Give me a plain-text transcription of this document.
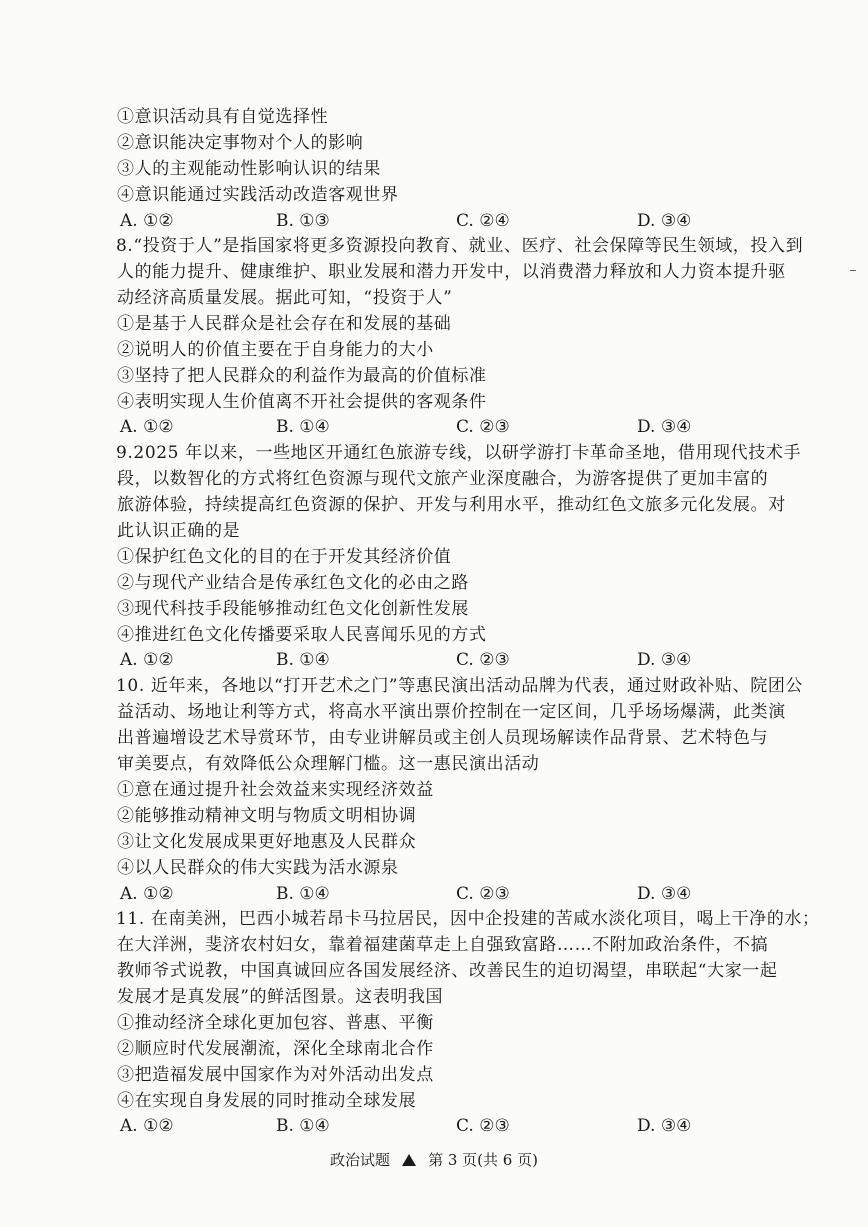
①意识活动具有自觉选择性
②意识能决定事物对个人的影响
③人的主观能动性影响认识的结果
④意识能通过实践活动改造客观世界
A. ①②	B. ①③	C. ②④	D. ③④
8.“投资于人”是指国家将更多资源投向教育、就业、医疗、社会保障等民生领域，投入到
人的能力提升、健康维护、职业发展和潜力开发中，以消费潜力释放和人力资本提升驱
动经济高质量发展。据此可知，“投资于人”
①是基于人民群众是社会存在和发展的基础
②说明人的价值主要在于自身能力的大小
③坚持了把人民群众的利益作为最高的价值标准
④表明实现人生价值离不开社会提供的客观条件
A. ①②	B. ①④	C. ②③	D. ③④
9.2025 年以来，一些地区开通红色旅游专线，以研学游打卡革命圣地，借用现代技术手
段，以数智化的方式将红色资源与现代文旅产业深度融合，为游客提供了更加丰富的
旅游体验，持续提高红色资源的保护、开发与利用水平，推动红色文旅多元化发展。对
此认识正确的是
①保护红色文化的目的在于开发其经济价值
②与现代产业结合是传承红色文化的必由之路
③现代科技手段能够推动红色文化创新性发展
④推进红色文化传播要采取人民喜闻乐见的方式
A. ①②	B. ①④	C. ②③	D. ③④
10. 近年来，各地以“打开艺术之门”等惠民演出活动品牌为代表，通过财政补贴、院团公
益活动、场地让利等方式，将高水平演出票价控制在一定区间，几乎场场爆满，此类演
出普遍增设艺术导赏环节，由专业讲解员或主创人员现场解读作品背景、艺术特色与
审美要点，有效降低公众理解门槛。这一惠民演出活动
①意在通过提升社会效益来实现经济效益
②能够推动精神文明与物质文明相协调
③让文化发展成果更好地惠及人民群众
④以人民群众的伟大实践为活水源泉
A. ①②	B. ①④	C. ②③	D. ③④
11. 在南美洲，巴西小城若昂卡马拉居民，因中企投建的苦咸水淡化项目，喝上干净的水；
在大洋洲，斐济农村妇女，靠着福建菌草走上自强致富路……不附加政治条件，不搞
教师爷式说教，中国真诚回应各国发展经济、改善民生的迫切渴望，串联起“大家一起
发展才是真发展”的鲜活图景。这表明我国
①推动经济全球化更加包容、普惠、平衡
②顺应时代发展潮流，深化全球南北合作
③把造福发展中国家作为对外活动出发点
④在实现自身发展的同时推动全球发展
A. ①②	B. ①④	C. ②③	D. ③④
政治试题	第 3 页(共 6 页)
